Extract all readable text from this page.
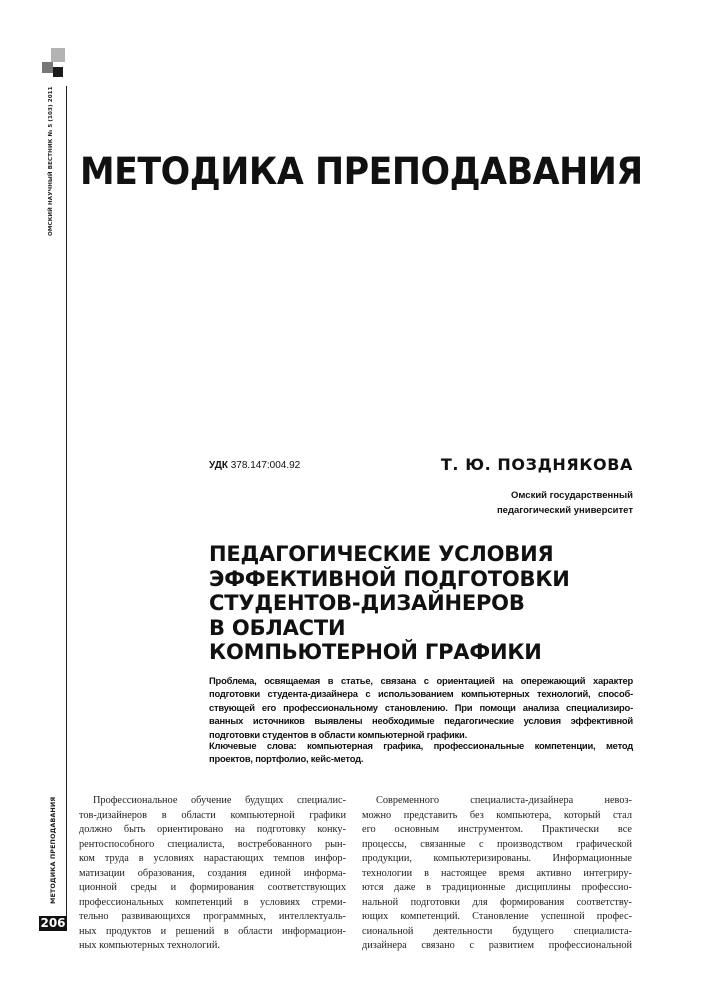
ОМСКИЙ НАУЧНЫЙ ВЕСТНИК № 5 (103) 2011
МЕТОДИКА ПРЕПОДАВАНИЯ
206
МЕТОДИКА ПРЕПОДАВАНИЯ
УДК 378.147:004.92	Т. Ю. ПОЗДНЯКОВА
Омский государственный
педагогический университет
ПЕДАГОГИЧЕСКИЕ УСЛОВИЯ
ЭФФЕКТИВНОЙ ПОДГОТОВКИ
СТУДЕНТОВ-ДИЗАЙНЕРОВ
В ОБЛАСТИ
КОМПЬЮТЕРНОЙ ГРАФИКИ
Проблема, освящаемая в статье, связана с ориентацией на опережающий характер
подготовки студента-дизайнера с использованием компьютерных технологий, способ-
ствующей его профессиональному становлению. При помощи анализа специализиро-
ванных источников выявлены необходимые педагогические условия эффективной
подготовки студентов в области компьютерной графики.
Ключевые слова: компьютерная графика, профессиональные компетенции, метод
проектов, портфолио, кейс-метод.
Профессиональное обучение будущих специалис-
тов-дизайнеров в области компьютерной графики
должно быть ориентировано на подготовку конку-
рентоспособного специалиста, востребованного рын-
ком труда в условиях нарастающих темпов инфор-
матизации образования, создания единой информа-
ционной среды и формирования соответствующих
профессиональных компетенций в условиях стреми-
тельно развивающихся программных, интеллектуаль-
ных продуктов и решений в области информацион-
ных компьютерных технологий.
Современного специалиста-дизайнера невоз-
можно представить без компьютера, который стал
его основным инструментом. Практически все
процессы, связанные с производством графической
продукции, компьютеризированы. Информационные
технологии в настоящее время активно интегриру-
ются даже в традиционные дисциплины профессио-
нальной подготовки для формирования соответству-
ющих компетенций. Становление успешной профес-
сиональной деятельности будущего специалиста-
дизайнера связано с развитием профессиональной
